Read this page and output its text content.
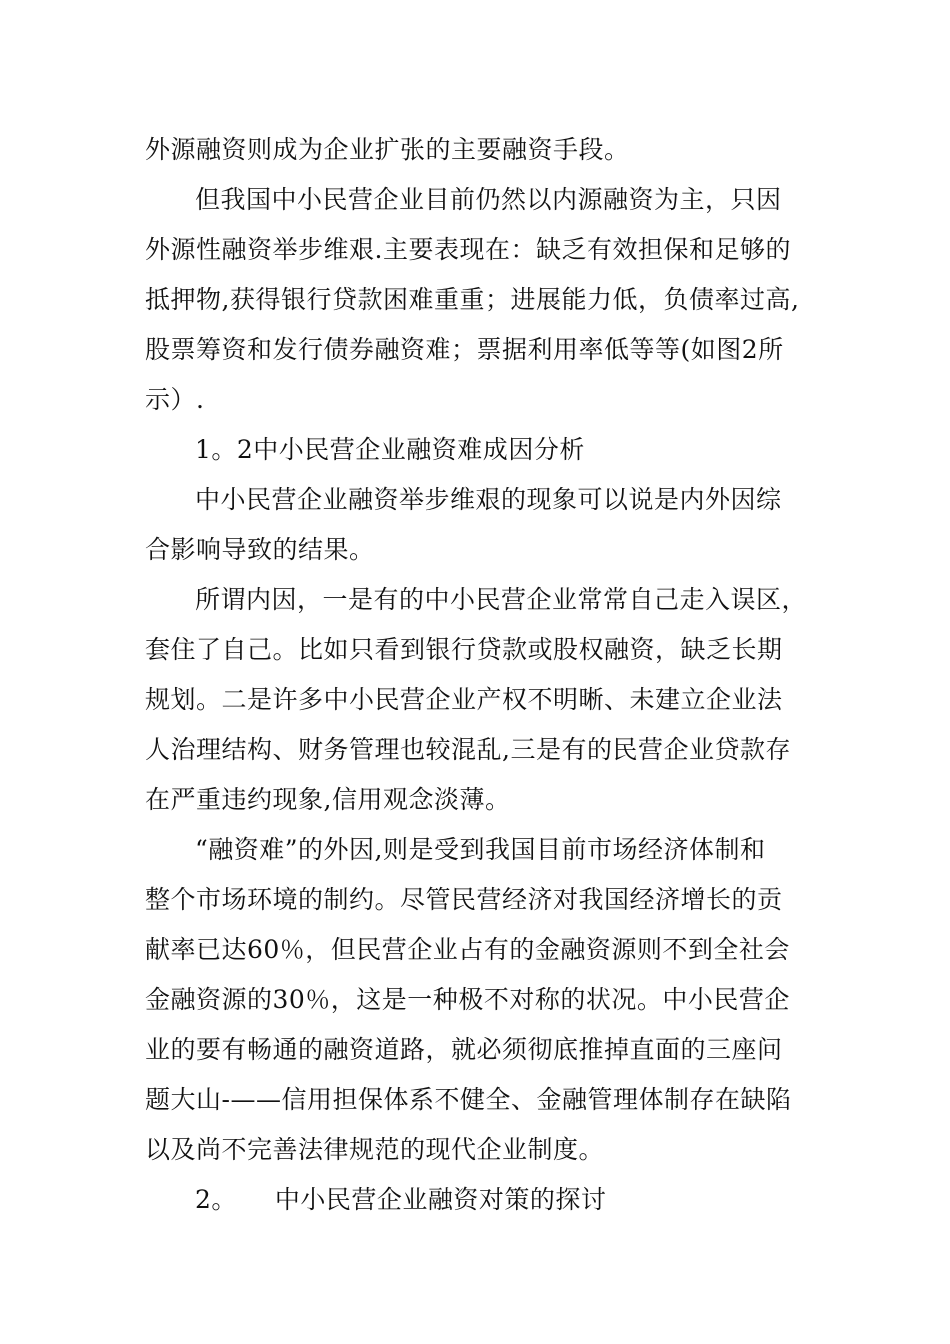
外源融资则成为企业扩张的主要融资手段。
但我国中小民营企业目前仍然以内源融资为主，只因
外源性融资举步维艰.主要表现在：缺乏有效担保和足够的
抵押物,获得银行贷款困难重重；进展能力低，负债率过高,
股票筹资和发行债券融资难；票据利用率低等等(如图2所
示）.
1。2中小民营企业融资难成因分析
中小民营企业融资举步维艰的现象可以说是内外因综
合影响导致的结果。
所谓内因，一是有的中小民营企业常常自己走入误区，
套住了自己。比如只看到银行贷款或股权融资，缺乏长期
规划。二是许多中小民营企业产权不明晰、未建立企业法
人治理结构、财务管理也较混乱,三是有的民营企业贷款存
在严重违约现象,信用观念淡薄。
“融资难”的外因,则是受到我国目前市场经济体制和
整个市场环境的制约。尽管民营经济对我国经济增长的贡
献率已达60％，但民营企业占有的金融资源则不到全社会
金融资源的30％，这是一种极不对称的状况。中小民营企
业的要有畅通的融资道路，就必须彻底推掉直面的三座问
题大山-——信用担保体系不健全、金融管理体制存在缺陷
以及尚不完善法律规范的现代企业制度。
2。 中小民营企业融资对策的探讨
